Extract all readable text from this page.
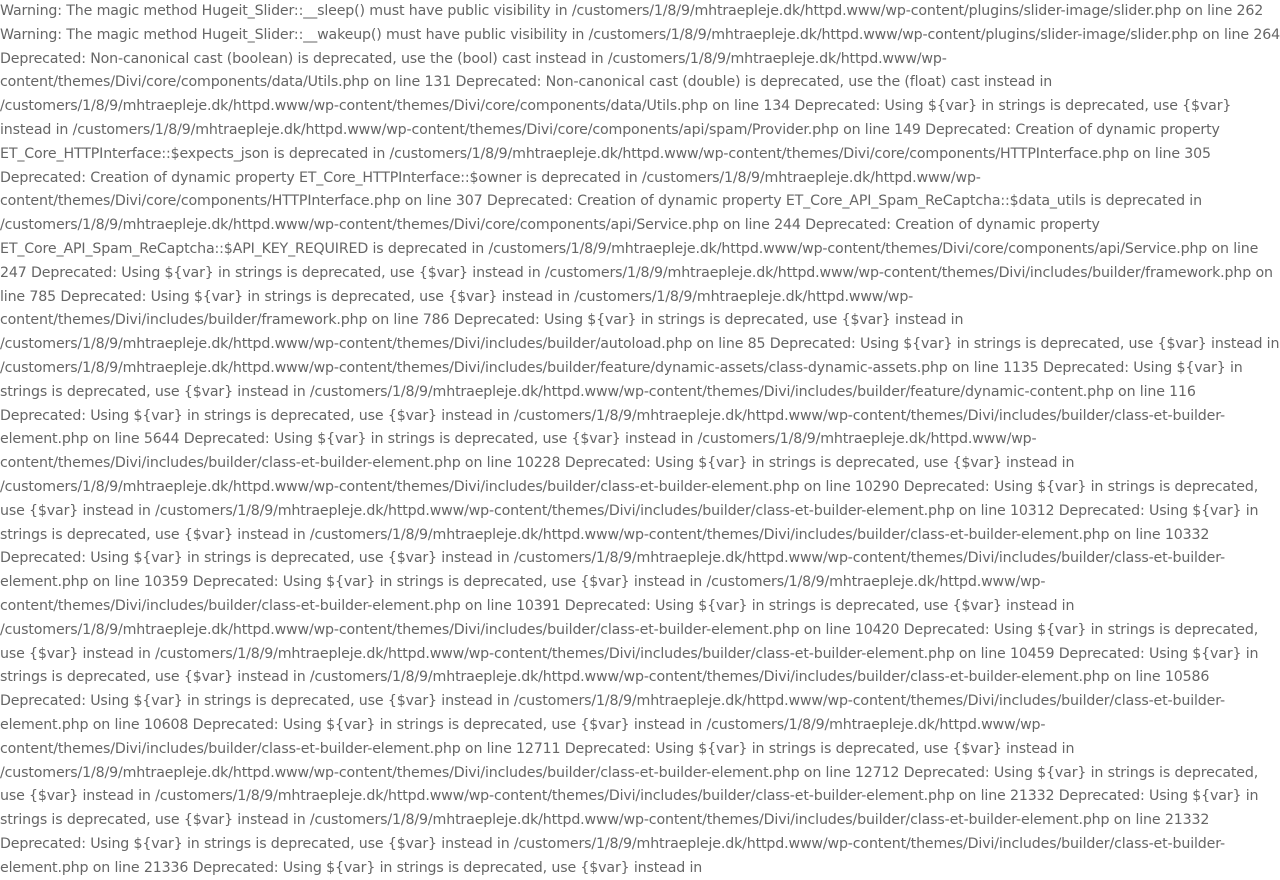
Warning: The magic method Hugeit_Slider::__sleep() must have public visibility in /customers/1/8/9/mhtraepleje.dk/httpd.www/wp-content/plugins/slider-image/slider.php on line 262 Warning: The magic method Hugeit_Slider::__wakeup() must have public visibility in /customers/1/8/9/mhtraepleje.dk/httpd.www/wp-content/plugins/slider-image/slider.php on line 264 Deprecated: Non-canonical cast (boolean) is deprecated, use the (bool) cast instead in /customers/1/8/9/mhtraepleje.dk/httpd.www/wp-content/themes/Divi/core/components/data/Utils.php on line 131 Deprecated: Non-canonical cast (double) is deprecated, use the (float) cast instead in /customers/1/8/9/mhtraepleje.dk/httpd.www/wp-content/themes/Divi/core/components/data/Utils.php on line 134 Deprecated: Using ${var} in strings is deprecated, use {$var} instead in /customers/1/8/9/mhtraepleje.dk/httpd.www/wp-content/themes/Divi/core/components/api/spam/Provider.php on line 149 Deprecated: Creation of dynamic property ET_Core_HTTPInterface::$expects_json is deprecated in /customers/1/8/9/mhtraepleje.dk/httpd.www/wp-content/themes/Divi/core/components/HTTPInterface.php on line 305 Deprecated: Creation of dynamic property ET_Core_HTTPInterface::$owner is deprecated in /customers/1/8/9/mhtraepleje.dk/httpd.www/wp-content/themes/Divi/core/components/HTTPInterface.php on line 307 Deprecated: Creation of dynamic property ET_Core_API_Spam_ReCaptcha::$data_utils is deprecated in /customers/1/8/9/mhtraepleje.dk/httpd.www/wp-content/themes/Divi/core/components/api/Service.php on line 244 Deprecated: Creation of dynamic property ET_Core_API_Spam_ReCaptcha::$API_KEY_REQUIRED is deprecated in /customers/1/8/9/mhtraepleje.dk/httpd.www/wp-content/themes/Divi/core/components/api/Service.php on line 247 Deprecated: Using ${var} in strings is deprecated, use {$var} instead in /customers/1/8/9/mhtraepleje.dk/httpd.www/wp-content/themes/Divi/includes/builder/framework.php on line 785 Deprecated: Using ${var} in strings is deprecated, use {$var} instead in /customers/1/8/9/mhtraepleje.dk/httpd.www/wp-content/themes/Divi/includes/builder/framework.php on line 786 Deprecated: Using ${var} in strings is deprecated, use {$var} instead in /customers/1/8/9/mhtraepleje.dk/httpd.www/wp-content/themes/Divi/includes/builder/autoload.php on line 85 Deprecated: Using ${var} in strings is deprecated, use {$var} instead in /customers/1/8/9/mhtraepleje.dk/httpd.www/wp-content/themes/Divi/includes/builder/feature/dynamic-assets/class-dynamic-assets.php on line 1135 Deprecated: Using ${var} in strings is deprecated, use {$var} instead in /customers/1/8/9/mhtraepleje.dk/httpd.www/wp-content/themes/Divi/includes/builder/feature/dynamic-content.php on line 116 Deprecated: Using ${var} in strings is deprecated, use {$var} instead in /customers/1/8/9/mhtraepleje.dk/httpd.www/wp-content/themes/Divi/includes/builder/class-et-builder-element.php on line 5644 Deprecated: Using ${var} in strings is deprecated, use {$var} instead in /customers/1/8/9/mhtraepleje.dk/httpd.www/wp-content/themes/Divi/includes/builder/class-et-builder-element.php on line 10228 Deprecated: Using ${var} in strings is deprecated, use {$var} instead in /customers/1/8/9/mhtraepleje.dk/httpd.www/wp-content/themes/Divi/includes/builder/class-et-builder-element.php on line 10290 Deprecated: Using ${var} in strings is deprecated, use {$var} instead in /customers/1/8/9/mhtraepleje.dk/httpd.www/wp-content/themes/Divi/includes/builder/class-et-builder-element.php on line 10312 Deprecated: Using ${var} in strings is deprecated, use {$var} instead in /customers/1/8/9/mhtraepleje.dk/httpd.www/wp-content/themes/Divi/includes/builder/class-et-builder-element.php on line 10332 Deprecated: Using ${var} in strings is deprecated, use {$var} instead in /customers/1/8/9/mhtraepleje.dk/httpd.www/wp-content/themes/Divi/includes/builder/class-et-builder-element.php on line 10359 Deprecated: Using ${var} in strings is deprecated, use {$var} instead in /customers/1/8/9/mhtraepleje.dk/httpd.www/wp-content/themes/Divi/includes/builder/class-et-builder-element.php on line 10391 Deprecated: Using ${var} in strings is deprecated, use {$var} instead in /customers/1/8/9/mhtraepleje.dk/httpd.www/wp-content/themes/Divi/includes/builder/class-et-builder-element.php on line 10420 Deprecated: Using ${var} in strings is deprecated, use {$var} instead in /customers/1/8/9/mhtraepleje.dk/httpd.www/wp-content/themes/Divi/includes/builder/class-et-builder-element.php on line 10459 Deprecated: Using ${var} in strings is deprecated, use {$var} instead in /customers/1/8/9/mhtraepleje.dk/httpd.www/wp-content/themes/Divi/includes/builder/class-et-builder-element.php on line 10586 Deprecated: Using ${var} in strings is deprecated, use {$var} instead in /customers/1/8/9/mhtraepleje.dk/httpd.www/wp-content/themes/Divi/includes/builder/class-et-builder-element.php on line 10608 Deprecated: Using ${var} in strings is deprecated, use {$var} instead in /customers/1/8/9/mhtraepleje.dk/httpd.www/wp-content/themes/Divi/includes/builder/class-et-builder-element.php on line 12711 Deprecated: Using ${var} in strings is deprecated, use {$var} instead in /customers/1/8/9/mhtraepleje.dk/httpd.www/wp-content/themes/Divi/includes/builder/class-et-builder-element.php on line 12712 Deprecated: Using ${var} in strings is deprecated, use {$var} instead in /customers/1/8/9/mhtraepleje.dk/httpd.www/wp-content/themes/Divi/includes/builder/class-et-builder-element.php on line 21332 Deprecated: Using ${var} in strings is deprecated, use {$var} instead in /customers/1/8/9/mhtraepleje.dk/httpd.www/wp-content/themes/Divi/includes/builder/class-et-builder-element.php on line 21332 Deprecated: Using ${var} in strings is deprecated, use {$var} instead in /customers/1/8/9/mhtraepleje.dk/httpd.www/wp-content/themes/Divi/includes/builder/class-et-builder-element.php on line 21336 Deprecated: Using ${var} in strings is deprecated, use {$var} instead in
